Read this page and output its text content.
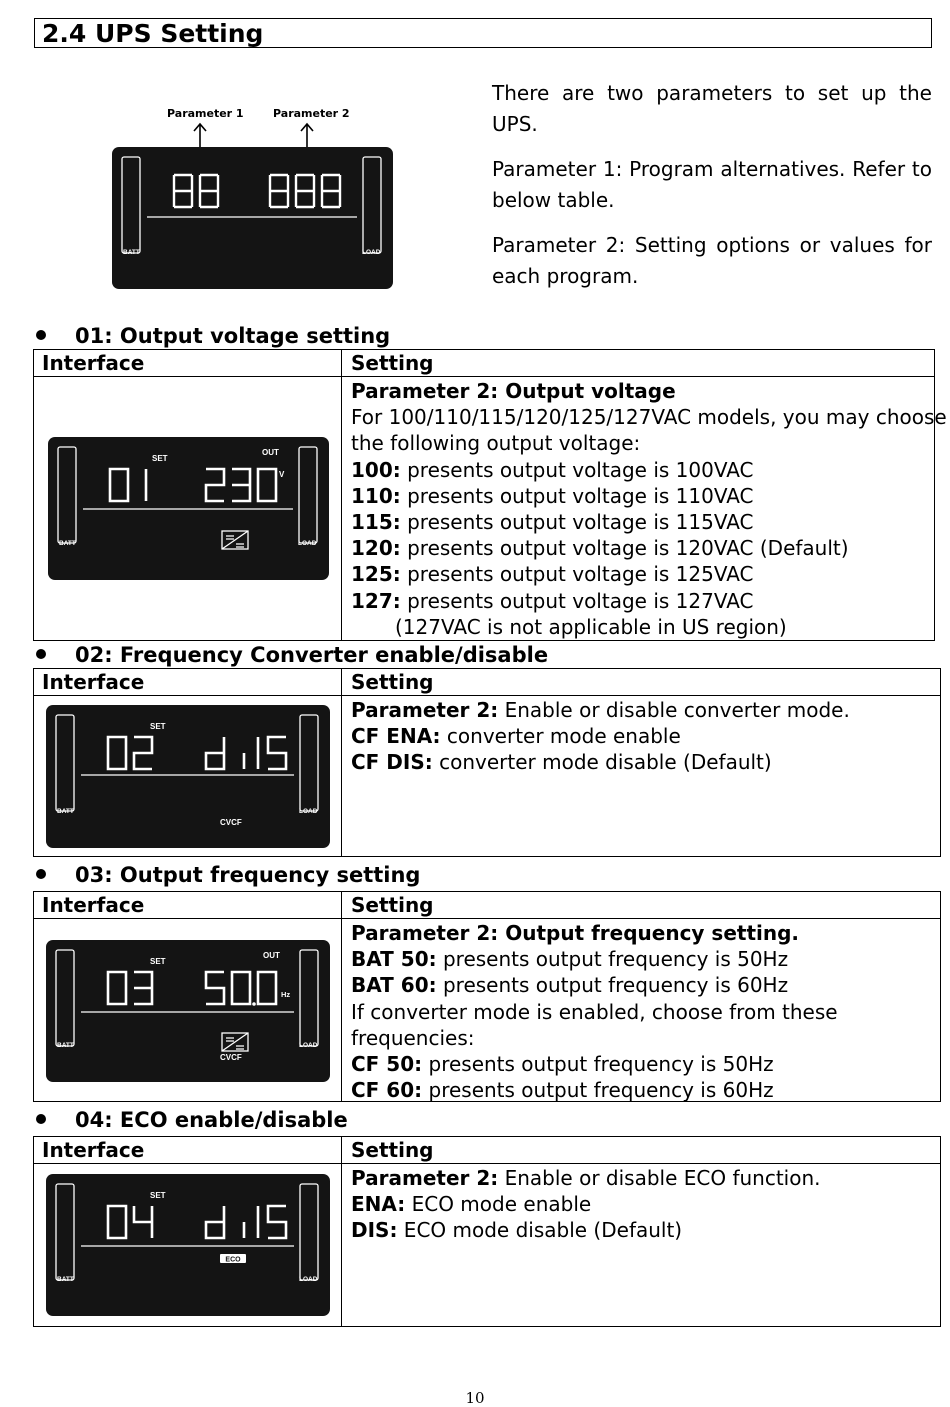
2.4 UPS Setting
Parameter 1	Parameter 2
BATT	LOAD

There are two parameters to set up the UPS.

Parameter 1: Program alternatives. Refer to below table.

Parameter 2: Setting options or values for each program.

01: Output voltage setting
Interface	Setting
SET
OUT
V
BATT	LOAD
Parameter 2: Output voltage
For 100/110/115/120/125/127VAC models, you may choose
the following output voltage:
100: presents output voltage is 100VAC
110: presents output voltage is 110VAC
115: presents output voltage is 115VAC
120: presents output voltage is 120VAC (Default)
125: presents output voltage is 125VAC
127: presents output voltage is 127VAC
(127VAC is not applicable in US region)
02: Frequency Converter enable/disable
Interface	Setting
SET
CVCF
BATT	LOAD
Parameter 2: Enable or disable converter mode.
CF ENA: converter mode enable
CF DIS: converter mode disable (Default)
03: Output frequency setting
Interface	Setting
SET
OUT
Hz
CVCF
BATT	LOAD
Parameter 2: Output frequency setting.
BAT 50: presents output frequency is 50Hz
BAT 60: presents output frequency is 60Hz
If converter mode is enabled, choose from these
frequencies:
CF 50: presents output frequency is 50Hz
CF 60: presents output frequency is 60Hz
04: ECO enable/disable
Interface	Setting
SET
ECO
BATT	LOAD
Parameter 2: Enable or disable ECO function.
ENA: ECO mode enable
DIS: ECO mode disable (Default)
10
